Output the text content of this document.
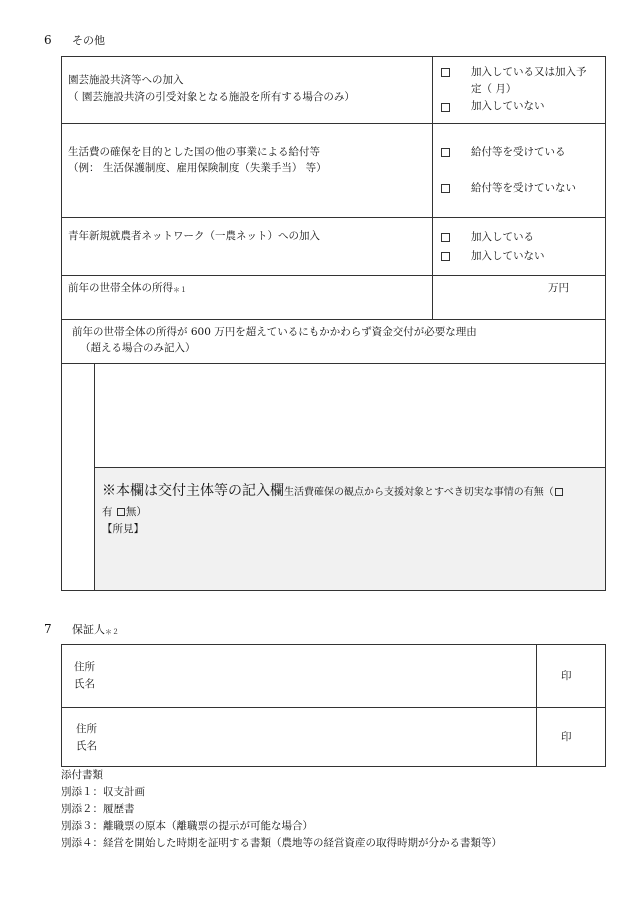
6 その他
園芸施設共済等への加入
（ 園芸施設共済の引受対象となる施設を所有する場合のみ）
加入している又は加入予
定（ 月）
加入していない
生活費の確保を目的とした国の他の事業による給付等
（例： 生活保護制度、雇用保険制度（失業手当） 等）
給付等を受けている
給付等を受けていない
青年新規就農者ネットワーク（一農ネット）への加入	加入している
加入していない
前年の世帯全体の所得＊１	万円
前年の世帯全体の所得が 600 万円を超えているにもかかわらず資金交付が必要な理由
（超える場合のみ記入）
※本欄は交付主体等の記入欄生活費確保の観点から支援対象とすべき切実な事情の有無（
有 無）
【所見】
7 保証人＊２
住所
氏名
印
住所
氏名
印
添付書類
別添１：収支計画
別添２：履歴書
別添３：離職票の原本（離職票の提示が可能な場合）
別添４：経営を開始した時期を証明する書類（農地等の経営資産の取得時期が分かる書類等）
